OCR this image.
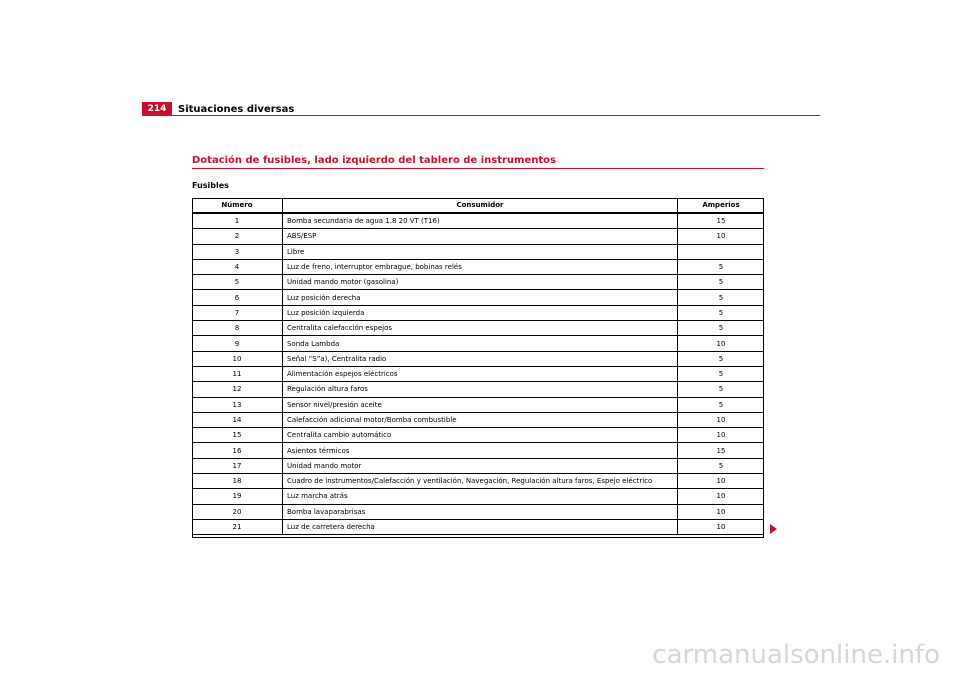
214	Situaciones diversas
Dotación de fusibles, lado izquierdo del tablero de instrumentos
Fusibles
Número	Consumidor	Amperios
1	Bomba secundaria de agua 1.8 20 VT (T16)	15
2	ABS/ESP	10
3	Libre	
4	Luz de freno, interruptor embrague, bobinas relés	5
5	Unidad mando motor (gasolina)	5
6	Luz posición derecha	5
7	Luz posición izquierda	5
8	Centralita calefacción espejos	5
9	Sonda Lambda	10
10	Señal “S”a), Centralita radio	5
11	Alimentación espejos eléctricos	5
12	Regulación altura faros	5
13	Sensor nivel/presión aceite	5
14	Calefacción adicional motor/Bomba combustible	10
15	Centralita cambio automático	10
16	Asientos térmicos	15
17	Unidad mando motor	5
18	Cuadro de instrumentos/Calefacción y ventilación, Navegación, Regulación altura faros, Espejo eléctrico	10
19	Luz marcha atrás	10
20	Bomba lavaparabrisas	10
21	Luz de carretera derecha	10
carmanualsonline.info
